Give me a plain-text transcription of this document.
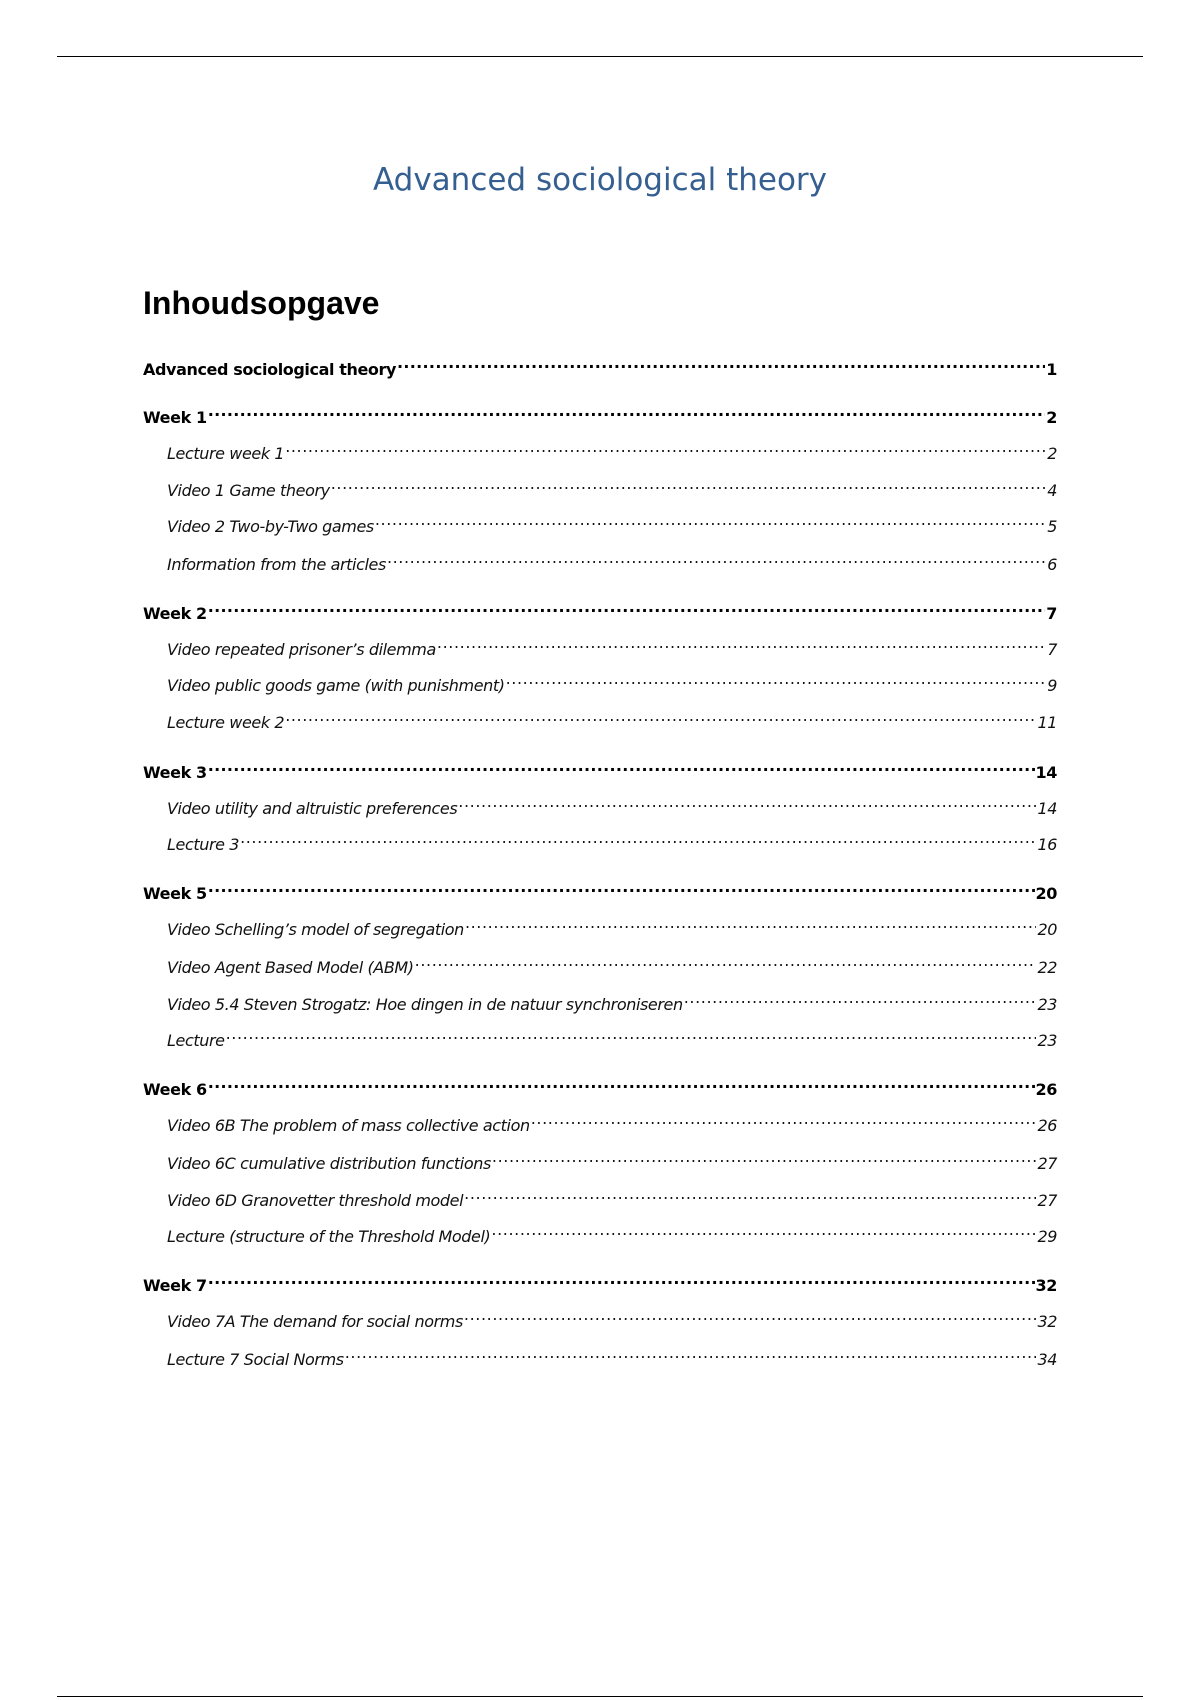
Advanced sociological theory
Inhoudsopgave
Advanced sociological theory .....	1
Week 1 .....	2
Lecture week 1 .....	2
Video 1 Game theory .....	4
Video 2 Two-by-Two games .....	5
Information from the articles .....	6
Week 2 .....	7
Video repeated prisoner’s dilemma .....	7
Video public goods game (with punishment) .....	9
Lecture week 2 .....	11
Week 3 .....	14
Video utility and altruistic preferences .....	14
Lecture 3 .....	16
Week 5 .....	20
Video Schelling’s model of segregation .....	20
Video Agent Based Model (ABM) .....	22
Video 5.4 Steven Strogatz: Hoe dingen in de natuur synchroniseren .....	23
Lecture .....	23
Week 6 .....	26
Video 6B The problem of mass collective action .....	26
Video 6C cumulative distribution functions .....	27
Video 6D Granovetter threshold model .....	27
Lecture (structure of the Threshold Model) .....	29
Week 7 .....	32
Video 7A The demand for social norms .....	32
Lecture 7 Social Norms .....	34
